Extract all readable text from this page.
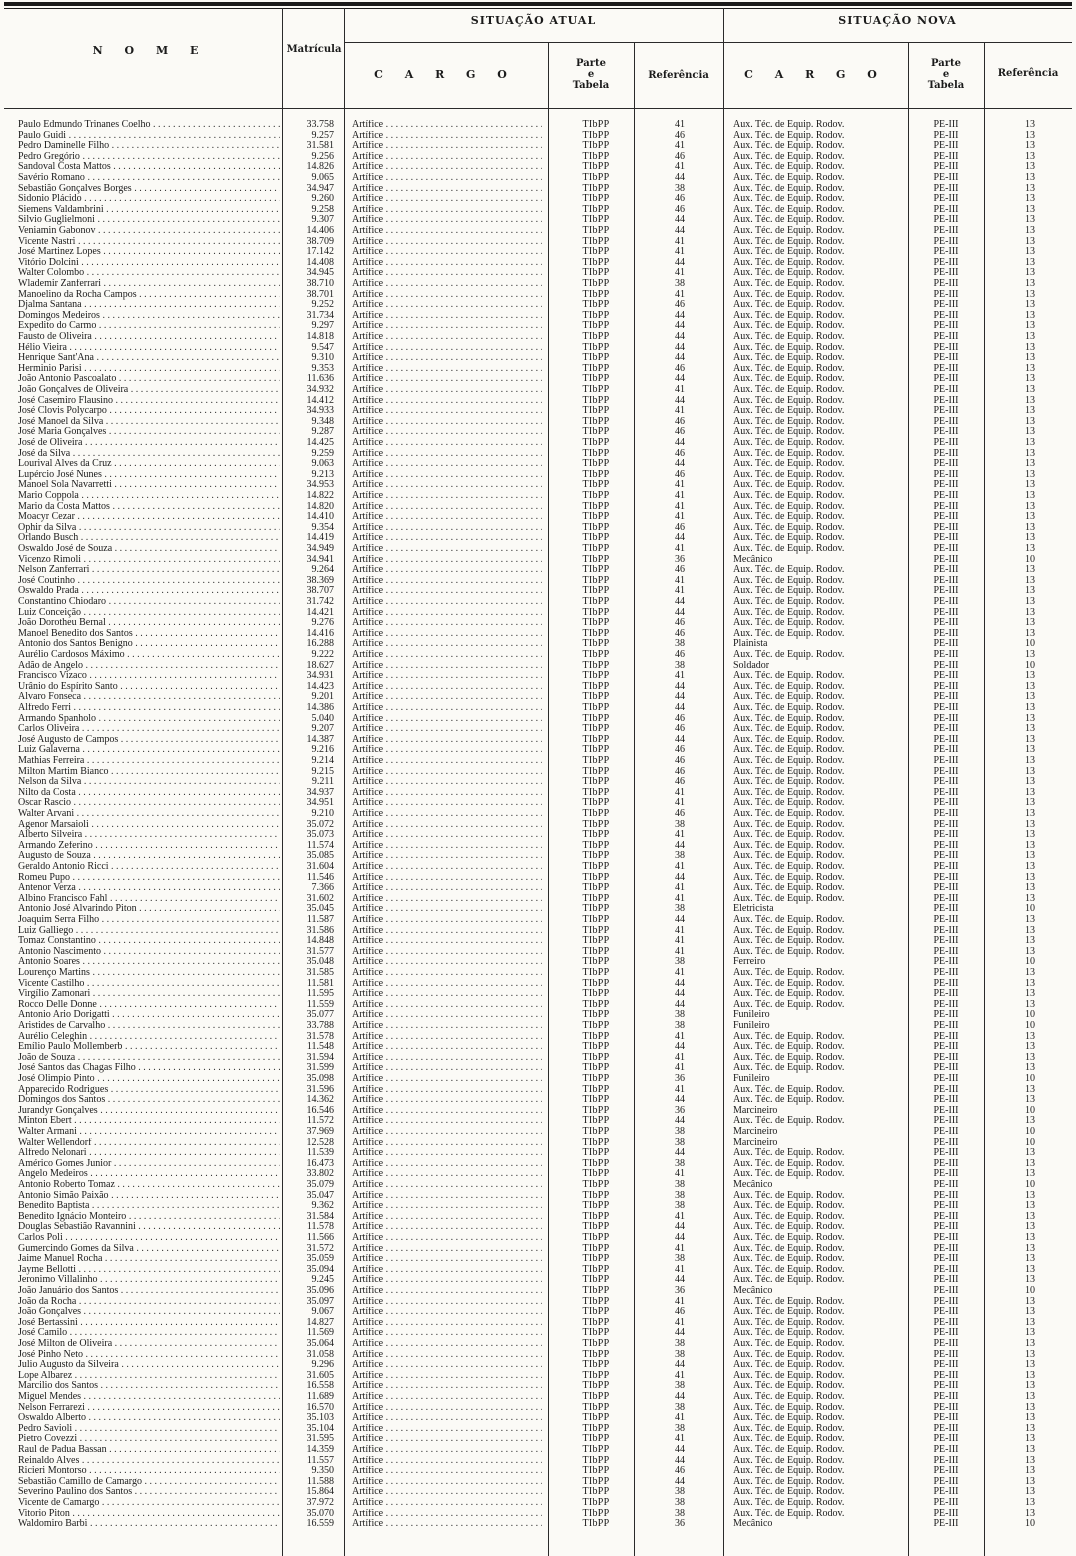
N O M E	Matrícula
SITUAÇÃO ATUAL	SITUAÇÃO NOVA
C A R G O
Parte
e
Tabela
Referência	C A R G O
Parte
e
Tabela
Referência
Paulo Edmundo Trinanes Coelho . . .	33.758 Artífice . . .	TIbPP	41	Aux. Téc. de Equip. Rodov.	PE-III	13
Paulo Guidi . . .	9.257 Artífice . . .	TIbPP	46	Aux. Téc. de Equip. Rodov.	PE-III	13
Pedro Daminelle Filho . . .	31.581 Artífice . . .	TIbPP	41	Aux. Téc. de Equip. Rodov.	PE-III	13
Pedro Gregório . . .	9.256 Artífice . . .	TIbPP	46	Aux. Téc. de Equip. Rodov.	PE-III	13
Sandoval Costa Mattos . . .	14.826 Artífice . . .	TIbPP	41	Aux. Téc. de Equip. Rodov.	PE-III	13
Savério Romano . . .	9.065 Artífice . . .	TIbPP	44	Aux. Téc. de Equip. Rodov.	PE-III	13
Sebastião Gonçalves Borges . . .	34.947 Artífice . . .	TIbPP	38	Aux. Téc. de Equip. Rodov.	PE-III	13
Sidonio Plácido . . .	9.260 Artífice . . .	TIbPP	46	Aux. Téc. de Equip. Rodov.	PE-III	13
Siemens Valdambrini . . .	9.258 Artífice . . .	TIbPP	46	Aux. Téc. de Equip. Rodov.	PE-III	13
Silvio Guglielmoni . . .	9.307 Artífice . . .	TIbPP	44	Aux. Téc. de Equip. Rodov.	PE-III	13
Veniamin Gabonov . . .	14.406 Artífice . . .	TIbPP	44	Aux. Téc. de Equip. Rodov.	PE-III	13
Vicente Nastri . . .	38.709 Artífice . . .	TIbPP	41	Aux. Téc. de Equip. Rodov.	PE-III	13
José Martinez Lopes . . .	17.142 Artífice . . .	TIbPP	41	Aux. Téc. de Equip. Rodov.	PE-III	13
Vitório Dolcini . . .	14.408 Artífice . . .	TIbPP	44	Aux. Téc. de Equip. Rodov.	PE-III	13
Walter Colombo . . .	34.945 Artífice . . .	TIbPP	41	Aux. Téc. de Equip. Rodov.	PE-III	13
Wlademir Zanferrari . . .	38.710 Artífice . . .	TIbPP	38	Aux. Téc. de Equip. Rodov.	PE-III	13
Manoelino da Rocha Campos . . .	38.701 Artífice . . .	TIbPP	41	Aux. Téc. de Equip. Rodov.	PE-III	13
Djalma Santana . . .	9.252 Artífice . . .	TIbPP	46	Aux. Téc. de Equip. Rodov.	PE-III	13
Domingos Medeiros . . .	31.734 Artífice . . .	TIbPP	44	Aux. Téc. de Equip. Rodov.	PE-III	13
Expedito do Carmo . . .	9.297 Artífice . . .	TIbPP	44	Aux. Téc. de Equip. Rodov.	PE-III	13
Fausto de Oliveira . . .	14.818 Artífice . . .	TIbPP	44	Aux. Téc. de Equip. Rodov.	PE-III	13
Hélio Vieira . . .	9.547 Artífice . . .	TIbPP	44	Aux. Téc. de Equip. Rodov.	PE-III	13
Henrique Sant'Ana . . .	9.310 Artífice . . .	TIbPP	44	Aux. Téc. de Equip. Rodov.	PE-III	13
Herminio Parisi . . .	9.353 Artífice . . .	TIbPP	46	Aux. Téc. de Equip. Rodov.	PE-III	13
João Antonio Pascoalato . . .	11.636 Artífice . . .	TIbPP	44	Aux. Téc. de Equip. Rodov.	PE-III	13
João Gonçalves de Oliveira . . .	34.932 Artífice . . .	TIbPP	41	Aux. Téc. de Equip. Rodov.	PE-III	13
José Casemiro Flausino . . .	14.412 Artífice . . .	TIbPP	44	Aux. Téc. de Equip. Rodov.	PE-III	13
José Clovis Polycarpo . . .	34.933 Artífice . . .	TIbPP	41	Aux. Téc. de Equip. Rodov.	PE-III	13
José Manoel da Silva . . .	9.348 Artífice . . .	TIbPP	46	Aux. Téc. de Equip. Rodov.	PE-III	13
José Maria Gonçalves . . .	9.287 Artífice . . .	TIbPP	46	Aux. Téc. de Equip. Rodov.	PE-III	13
José de Oliveira . . .	14.425 Artífice . . .	TIbPP	44	Aux. Téc. de Equip. Rodov.	PE-III	13
José da Silva . . .	9.259 Artífice . . .	TIbPP	46	Aux. Téc. de Equip. Rodov.	PE-III	13
Lourival Alves da Cruz . . .	9.063 Artífice . . .	TIbPP	44	Aux. Téc. de Equip. Rodov.	PE-III	13
Lupércio José Nunes . . .	9.213 Artífice . . .	TIbPP	46	Aux. Téc. de Equip. Rodov.	PE-III	13
Manoel Sola Navarretti . . .	34.953 Artífice . . .	TIbPP	41	Aux. Téc. de Equip. Rodov.	PE-III	13
Mario Coppola . . .	14.822 Artífice . . .	TIbPP	41	Aux. Téc. de Equip. Rodov.	PE-III	13
Mario da Costa Mattos . . .	14.820 Artífice . . .	TIbPP	41	Aux. Téc. de Equip. Rodov.	PE-III	13
Moacyr Cezar . . .	14.410 Artífice . . .	TIbPP	41	Aux. Téc. de Equip. Rodov.	PE-III	13
Ophir da Silva . . .	9.354 Artífice . . .	TIbPP	46	Aux. Téc. de Equip. Rodov.	PE-III	13
Orlando Busch . . .	14.419 Artífice . . .	TIbPP	44	Aux. Téc. de Equip. Rodov.	PE-III	13
Oswaldo José de Souza . . .	34.949 Artífice . . .	TIbPP	41	Aux. Téc. de Equip. Rodov.	PE-III	13
Vicenzo Rimoli . . .	34.941 Artífice . . .	TIbPP	36	Mecânico	PE-III	10
Nelson Zanferrari . . .	9.264 Artífice . . .	TIbPP	46	Aux. Téc. de Equip. Rodov.	PE-III	13
José Coutinho . . .	38.369 Artífice . . .	TIbPP	41	Aux. Téc. de Equip. Rodov.	PE-III	13
Oswaldo Prada . . .	38.707 Artífice . . .	TIbPP	41	Aux. Téc. de Equip. Rodov.	PE-III	13
Constantino Chiodaro . . .	31.742 Artífice . . .	TIbPP	44	Aux. Téc. de Equip. Rodov.	PE-III	13
Luiz Conceição . . .	14.421 Artífice . . .	TIbPP	44	Aux. Téc. de Equip. Rodov.	PE-III	13
João Dorotheu Bernal . . .	9.276 Artífice . . .	TIbPP	46	Aux. Téc. de Equip. Rodov.	PE-III	13
Manoel Benedito dos Santos . . .	14.416 Artífice . . .	TIbPP	46	Aux. Téc. de Equip. Rodov.	PE-III	13
Antonio dos Santos Benigno . . .	16.288 Artífice . . .	TIbPP	38	Plainista	PE-III	10
Aurélio Cardosos Máximo . . .	9.222 Artífice . . .	TIbPP	46	Aux. Téc. de Equip. Rodov.	PE-III	13
Adão de Angelo . . .	18.627 Artífice . . .	TIbPP	38	Soldador	PE-III	10
Francisco Vizaco . . .	34.931 Artífice . . .	TIbPP	41	Aux. Téc. de Equip. Rodov.	PE-III	13
Urânio do Espírito Santo . . .	14.423 Artífice . . .	TIbPP	44	Aux. Téc. de Equip. Rodov.	PE-III	13
Alvaro Fonseca . . .	9.201 Artífice . . .	TIbPP	44	Aux. Téc. de Equip. Rodov.	PE-III	13
Alfredo Ferri . . .	14.386 Artífice . . .	TIbPP	44	Aux. Téc. de Equip. Rodov.	PE-III	13
Armando Spanholo . . .	5.040 Artífice . . .	TIbPP	46	Aux. Téc. de Equip. Rodov.	PE-III	13
Carlos Oliveira . . .	9.207 Artífice . . .	TIbPP	46	Aux. Téc. de Equip. Rodov.	PE-III	13
José Augusto de Campos . . .	14.387 Artífice . . .	TIbPP	44	Aux. Téc. de Equip. Rodov.	PE-III	13
Luiz Galaverna . . .	9.216 Artífice . . .	TIbPP	46	Aux. Téc. de Equip. Rodov.	PE-III	13
Mathias Ferreira . . .	9.214 Artífice . . .	TIbPP	46	Aux. Téc. de Equip. Rodov.	PE-III	13
Milton Martim Bianco . . .	9.215 Artífice . . .	TIbPP	46	Aux. Téc. de Equip. Rodov.	PE-III	13
Nelson da Silva . . .	9.211 Artífice . . .	TIbPP	46	Aux. Téc. de Equip. Rodov.	PE-III	13
Nilto da Costa . . .	34.937 Artífice . . .	TIbPP	41	Aux. Téc. de Equip. Rodov.	PE-III	13
Oscar Rascio . . .	34.951 Artífice . . .	TIbPP	41	Aux. Téc. de Equip. Rodov.	PE-III	13
Walter Arvani . . .	9.210 Artífice . . .	TIbPP	46	Aux. Téc. de Equip. Rodov.	PE-III	13
Agenor Marsaioli . . .	35.072 Artífice . . .	TIbPP	38	Aux. Téc. de Equip. Rodov.	PE-III	13
Alberto Silveira . . .	35.073 Artífice . . .	TIbPP	41	Aux. Téc. de Equip. Rodov.	PE-III	13
Armando Zeferino . . .	11.574 Artífice . . .	TIbPP	44	Aux. Téc. de Equip. Rodov.	PE-III	13
Augusto de Souza . . .	35.085 Artífice . . .	TIbPP	38	Aux. Téc. de Equip. Rodov.	PE-III	13
Geraldo Antonio Ricci . . .	31.604 Artífice . . .	TIbPP	41	Aux. Téc. de Equip. Rodov.	PE-III	13
Romeu Pupo . . .	11.546 Artífice . . .	TIbPP	44	Aux. Téc. de Equip. Rodov.	PE-III	13
Antenor Verza . . .	7.366 Artífice . . .	TIbPP	41	Aux. Téc. de Equip. Rodov.	PE-III	13
Albino Francisco Fahl . . .	31.602 Artífice . . .	TIbPP	41	Aux. Téc. de Equip. Rodov.	PE-III	13
Antonio José Alvarindo Piton . . .	35.045 Artífice . . .	TIbPP	38	Eletricista	PE-III	10
Joaquim Serra Filho . . .	11.587 Artífice . . .	TIbPP	44	Aux. Téc. de Equip. Rodov.	PE-III	13
Luiz Galliego . . .	31.586 Artífice . . .	TIbPP	41	Aux. Téc. de Equip. Rodov.	PE-III	13
Tomaz Constantino . . .	14.848 Artífice . . .	TIbPP	41	Aux. Téc. de Equip. Rodov.	PE-III	13
Antonio Nascimento . . .	31.577 Artífice . . .	TIbPP	41	Aux. Téc. de Equip. Rodov.	PE-III	13
Antonio Soares . . .	35.048 Artífice . . .	TIbPP	38	Ferreiro	PE-III	10
Lourenço Martins . . .	31.585 Artífice . . .	TIbPP	41	Aux. Téc. de Equip. Rodov.	PE-III	13
Vicente Castilho . . .	11.581 Artífice . . .	TIbPP	44	Aux. Téc. de Equip. Rodov.	PE-III	13
Virgílio Zamonari . . .	11.595 Artífice . . .	TIbPP	44	Aux. Téc. de Equip. Rodov.	PE-III	13
Rocco Delle Donne . . .	11.559 Artífice . . .	TIbPP	44	Aux. Téc. de Equip. Rodov.	PE-III	13
Antonio Ario Dorigatti . . .	35.077 Artífice . . .	TIbPP	38	Funileiro	PE-III	10
Aristides de Carvalho . . .	33.788 Artífice . . .	TIbPP	38	Funileiro	PE-III	10
Aurélio Celeghin . . .	31.578 Artífice . . .	TIbPP	41	Aux. Téc. de Equip. Rodov.	PE-III	13
Emílio Paulo Mollemberb . . .	11.548 Artífice . . .	TIbPP	44	Aux. Téc. de Equip. Rodov.	PE-III	13
João de Souza . . .	31.594 Artífice . . .	TIbPP	41	Aux. Téc. de Equip. Rodov.	PE-III	13
José Santos das Chagas Filho . . .	31.599 Artífice . . .	TIbPP	41	Aux. Téc. de Equip. Rodov.	PE-III	13
José Olimpio Pinto . . .	35.098 Artífice . . .	TIbPP	36	Funileiro	PE-III	10
Apparecido Rodrigues . . .	31.596 Artífice . . .	TIbPP	41	Aux. Téc. de Equip. Rodov.	PE-III	13
Domingos dos Santos . . .	14.362 Artífice . . .	TIbPP	44	Aux. Téc. de Equip. Rodov.	PE-III	13
Jurandyr Gonçalves . . .	16.546 Artífice . . .	TIbPP	36	Marcineiro	PE-III	10
Minton Ebert . . .	11.572 Artífice . . .	TIbPP	44	Aux. Téc. de Equip. Rodov.	PE-III	13
Walter Armani . . .	37.969 Artífice . . .	TIbPP	38	Marcineiro	PE-III	10
Walter Wellendorf . . .	12.528 Artífice . . .	TIbPP	38	Marcineiro	PE-III	10
Alfredo Nelonari . . .	11.539 Artífice . . .	TIbPP	44	Aux. Téc. de Equip. Rodov.	PE-III	13
Américo Gomes Junior . . .	16.473 Artífice . . .	TIbPP	38	Aux. Téc. de Equip. Rodov.	PE-III	13
Angelo Medeiros . . .	33.802 Artífice . . .	TIbPP	41	Aux. Téc. de Equip. Rodov.	PE-III	13
Antonio Roberto Tomaz . . .	35.079 Artífice . . .	TIbPP	38	Mecânico	PE-III	10
Antonio Simão Paixão . . .	35.047 Artífice . . .	TIbPP	38	Aux. Téc. de Equip. Rodov.	PE-III	13
Benedito Baptista . . .	9.362 Artífice . . .	TIbPP	38	Aux. Téc. de Equip. Rodov.	PE-III	13
Benedito Ignácio Monteiro . . .	31.584 Artífice . . .	TIbPP	41	Aux. Téc. de Equip. Rodov.	PE-III	13
Douglas Sebastião Ravannini . . .	11.578 Artífice . . .	TIbPP	44	Aux. Téc. de Equip. Rodov.	PE-III	13
Carlos Poli . . .	11.566 Artífice . . .	TIbPP	44	Aux. Téc. de Equip. Rodov.	PE-III	13
Gumercindo Gomes da Silva . . .	31.572 Artífice . . .	TIbPP	41	Aux. Téc. de Equip. Rodov.	PE-III	13
Jaime Manuel Rocha . . .	35.059 Artífice . . .	TIbPP	38	Aux. Téc. de Equip. Rodov.	PE-III	13
Jayme Bellotti . . .	35.094 Artífice . . .	TIbPP	41	Aux. Téc. de Equip. Rodov.	PE-III	13
Jeronimo Villalinho . . .	9.245 Artífice . . .	TIbPP	44	Aux. Téc. de Equip. Rodov.	PE-III	13
João Januário dos Santos . . .	35.096 Artífice . . .	TIbPP	36	Mecânico	PE-III	10
João da Rocha . . .	35.097 Artífice . . .	TIbPP	41	Aux. Téc. de Equip. Rodov.	PE-III	13
João Gonçalves . . .	9.067 Artífice . . .	TIbPP	46	Aux. Téc. de Equip. Rodov.	PE-III	13
José Bertassini . . .	14.827 Artífice . . .	TIbPP	41	Aux. Téc. de Equip. Rodov.	PE-III	13
José Camilo . . .	11.569 Artífice . . .	TIbPP	44	Aux. Téc. de Equip. Rodov.	PE-III	13
José Milton de Oliveira . . .	35.064 Artífice . . .	TIbPP	38	Aux. Téc. de Equip. Rodov.	PE-III	13
José Pinho Neto . . .	31.058 Artífice . . .	TIbPP	38	Aux. Téc. de Equip. Rodov.	PE-III	13
Julio Augusto da Silveira . . .	9.296 Artífice . . .	TIbPP	44	Aux. Téc. de Equip. Rodov.	PE-III	13
Lope Albarez . . .	31.605 Artífice . . .	TIbPP	41	Aux. Téc. de Equip. Rodov.	PE-III	13
Marcilio dos Santos . . .	16.558 Artífice . . .	TIbPP	38	Aux. Téc. de Equip. Rodov.	PE-III	13
Miguel Mendes . . .	11.689 Artífice . . .	TIbPP	44	Aux. Téc. de Equip. Rodov.	PE-III	13
Nelson Ferrarezi . . .	16.570 Artífice . . .	TIbPP	38	Aux. Téc. de Equip. Rodov.	PE-III	13
Oswaldo Alberto . . .	35.103 Artífice . . .	TIbPP	41	Aux. Téc. de Equip. Rodov.	PE-III	13
Pedro Savioli . . .	35.104 Artífice . . .	TIbPP	38	Aux. Téc. de Equip. Rodov.	PE-III	13
Pietro Covezzi . . .	31.595 Artífice . . .	TIbPP	41	Aux. Téc. de Equip. Rodov.	PE-III	13
Raul de Padua Bassan . . .	14.359 Artífice . . .	TIbPP	44	Aux. Téc. de Equip. Rodov.	PE-III	13
Reinaldo Alves . . .	11.557 Artífice . . .	TIbPP	44	Aux. Téc. de Equip. Rodov.	PE-III	13
Ricieri Montorso . . .	9.350 Artífice . . .	TIbPP	46	Aux. Téc. de Equip. Rodov.	PE-III	13
Sebastião Camillo de Camargo . . .	11.588 Artífice . . .	TIbPP	44	Aux. Téc. de Equip. Rodov.	PE-III	13
Severino Paulino dos Santos . . .	15.864 Artífice . . .	TIbPP	38	Aux. Téc. de Equip. Rodov.	PE-III	13
Vicente de Camargo . . .	37.972 Artífice . . .	TIbPP	38	Aux. Téc. de Equip. Rodov.	PE-III	13
Vitorio Piton . . .	35.070 Artífice . . .	TIbPP	38	Aux. Téc. de Equip. Rodov.	PE-III	13
Waldomiro Barbi . . .	16.559 Artífice . . .	TIbPP	36	Mecânico	PE-III	10
